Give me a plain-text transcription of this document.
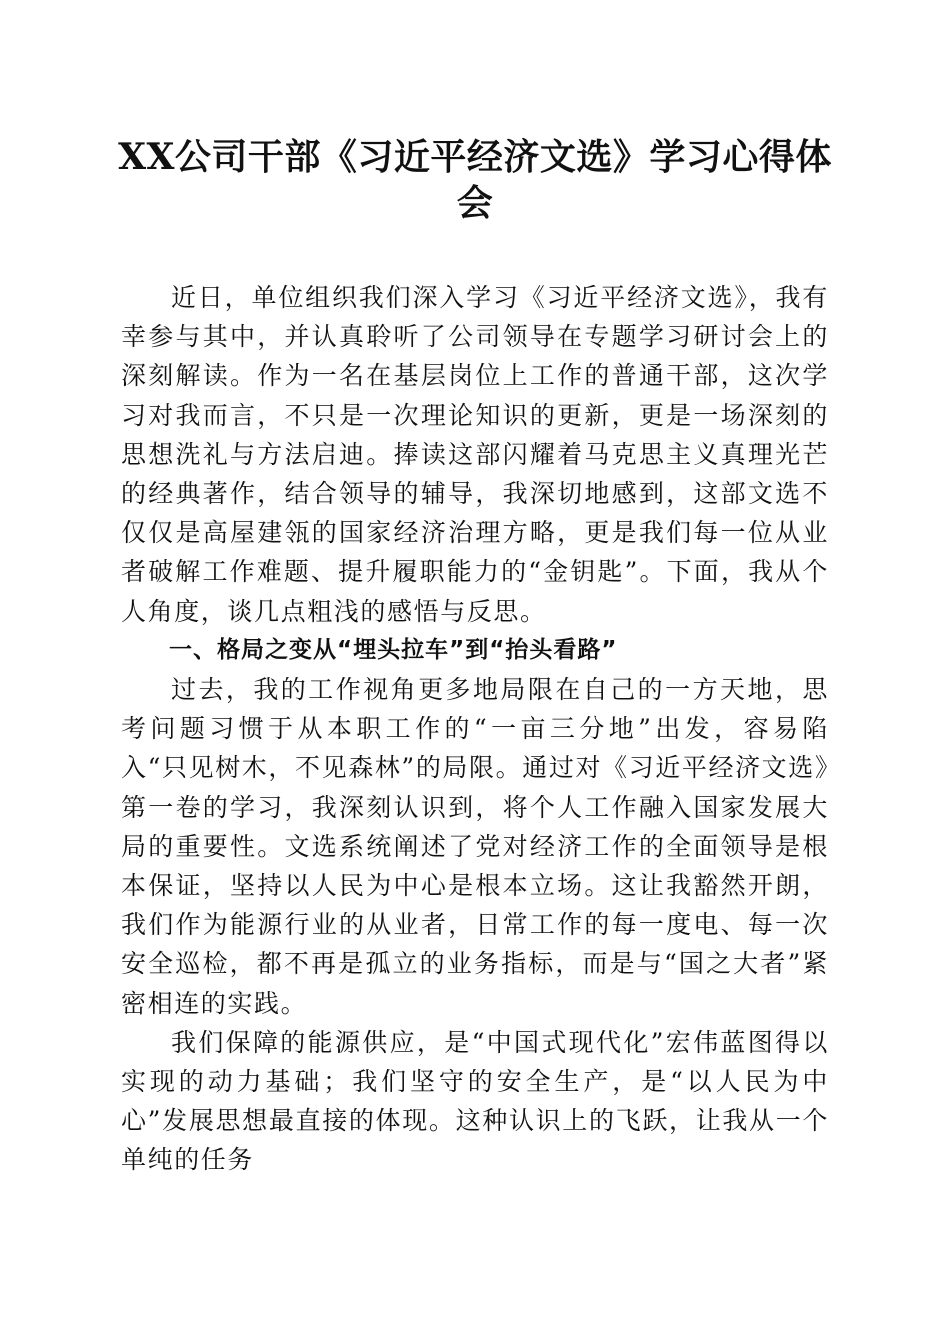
XX公司干部《习近平经济文选》学习心得体会

近日，单位组织我们深入学习《习近平经济文选》，我有幸参与其中，并认真聆听了公司领导在专题学习研讨会上的深刻解读。作为一名在基层岗位上工作的普通干部，这次学习对我而言，不只是一次理论知识的更新，更是一场深刻的思想洗礼与方法启迪。捧读这部闪耀着马克思主义真理光芒的经典著作，结合领导的辅导，我深切地感到，这部文选不仅仅是高屋建瓴的国家经济治理方略，更是我们每一位从业者破解工作难题、提升履职能力的“金钥匙”。下面，我从个人角度，谈几点粗浅的感悟与反思。

一、格局之变从“埋头拉车”到“抬头看路”

过去，我的工作视角更多地局限在自己的一方天地，思考问题习惯于从本职工作的“一亩三分地”出发，容易陷入“只见树木，不见森林”的局限。通过对《习近平经济文选》第一卷的学习，我深刻认识到，将个人工作融入国家发展大局的重要性。文选系统阐述了党对经济工作的全面领导是根本保证，坚持以人民为中心是根本立场。这让我豁然开朗，我们作为能源行业的从业者，日常工作的每一度电、每一次安全巡检，都不再是孤立的业务指标，而是与“国之大者”紧密相连的实践。

我们保障的能源供应，是“中国式现代化”宏伟蓝图得以实现的动力基础；我们坚守的安全生产，是“以人民为中心”发展思想最直接的体现。这种认识上的飞跃，让我从一个单纯的任务
